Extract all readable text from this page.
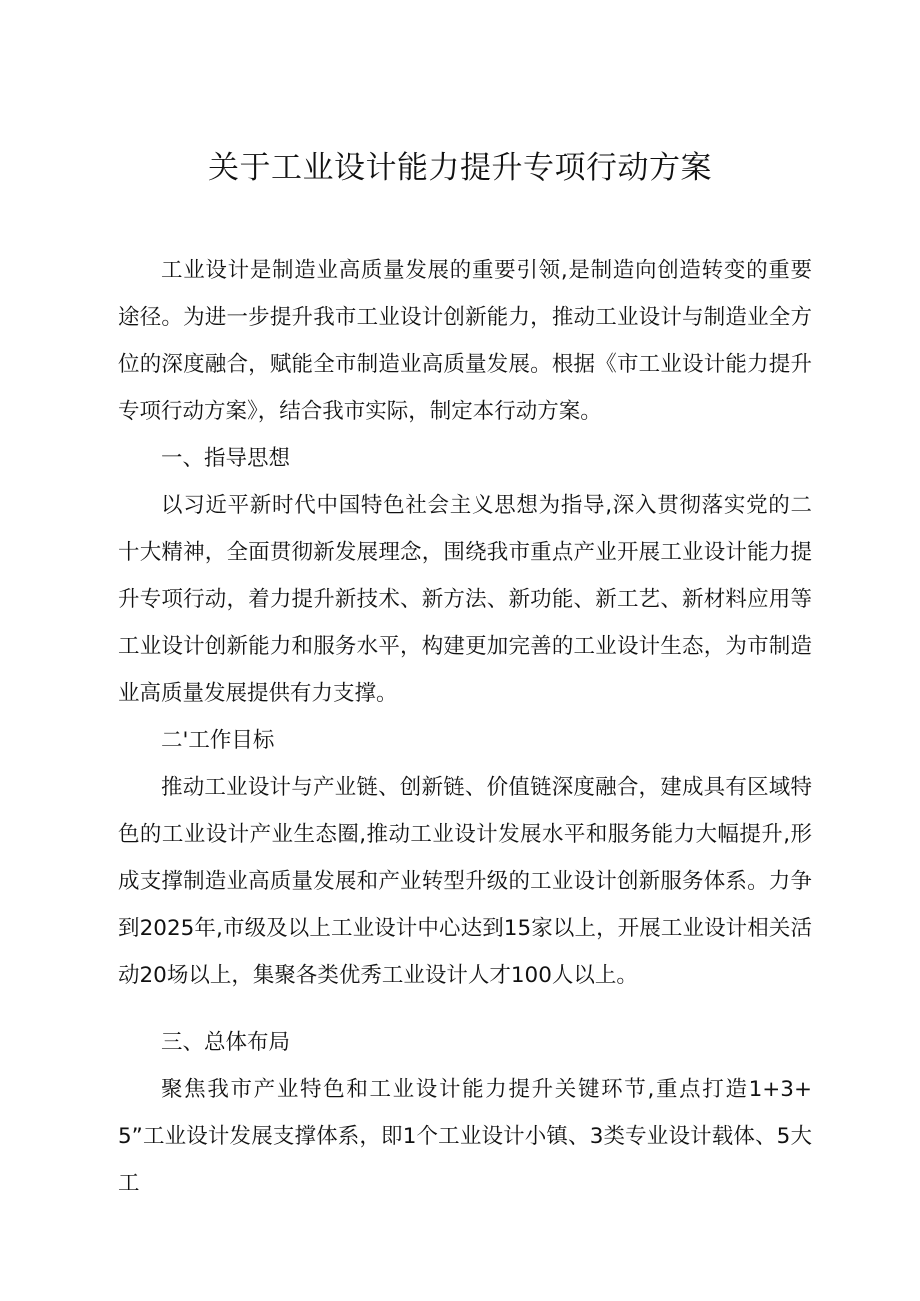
关于工业设计能力提升专项行动方案

工业设计是制造业高质量发展的重要引领,是制造向创造转变的重要途径。为进一步提升我市工业设计创新能力，推动工业设计与制造业全方位的深度融合，赋能全市制造业高质量发展。根据《市工业设计能力提升专项行动方案》，结合我市实际，制定本行动方案。

一、指导思想

以习近平新时代中国特色社会主义思想为指导,深入贯彻落实党的二十大精神，全面贯彻新发展理念，围绕我市重点产业开展工业设计能力提升专项行动，着力提升新技术、新方法、新功能、新工艺、新材料应用等工业设计创新能力和服务水平，构建更加完善的工业设计生态，为市制造业高质量发展提供有力支撑。

二'工作目标

推动工业设计与产业链、创新链、价值链深度融合，建成具有区域特色的工业设计产业生态圈,推动工业设计发展水平和服务能力大幅提升,形成支撑制造业高质量发展和产业转型升级的工业设计创新服务体系。力争到2025年,市级及以上工业设计中心达到15家以上，开展工业设计相关活动20场以上，集聚各类优秀工业设计人才100人以上。

三、总体布局

聚焦我市产业特色和工业设计能力提升关键环节,重点打造1+3+5”工业设计发展支撑体系，即1个工业设计小镇、3类专业设计载体、5大工
